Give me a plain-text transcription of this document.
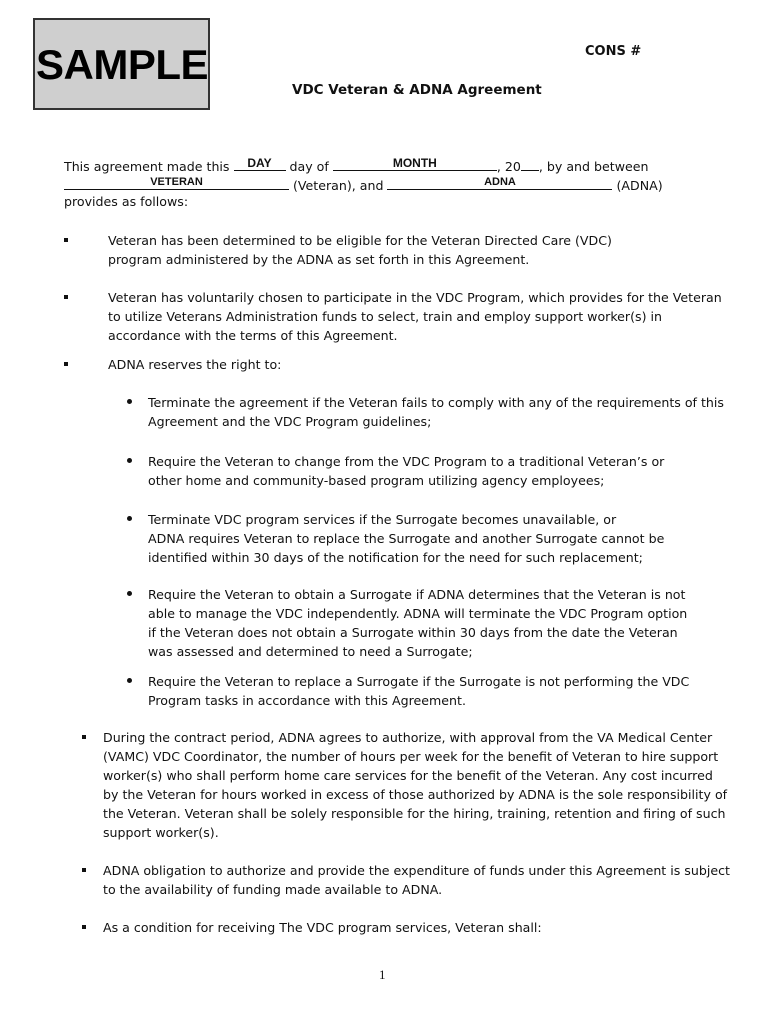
SAMPLE	CONS #
VDC Veteran & ADNA Agreement
This agreement made this	DAY	day of	MONTH	, 20 , by and between
VETERAN	(Veteran), and	ADNA	(ADNA)
provides as follows:
Veteran has been determined to be eligible for the Veteran Directed Care (VDC)
program administered by the ADNA as set forth in this Agreement.
Veteran has voluntarily chosen to participate in the VDC Program, which provides for the Veteran
to utilize Veterans Administration funds to select, train and employ support worker(s) in
accordance with the terms of this Agreement.
ADNA reserves the right to:
Terminate the agreement if the Veteran fails to comply with any of the requirements of this
Agreement and the VDC Program guidelines;
Require the Veteran to change from the VDC Program to a traditional Veteran’s or
other home and community-based program utilizing agency employees;
Terminate VDC program services if the Surrogate becomes unavailable, or
ADNA requires Veteran to replace the Surrogate and another Surrogate cannot be
identified within 30 days of the notification for the need for such replacement;
Require the Veteran to obtain a Surrogate if ADNA determines that the Veteran is not
able to manage the VDC independently. ADNA will terminate the VDC Program option
if the Veteran does not obtain a Surrogate within 30 days from the date the Veteran
was assessed and determined to need a Surrogate;
Require the Veteran to replace a Surrogate if the Surrogate is not performing the VDC
Program tasks in accordance with this Agreement.
During the contract period, ADNA agrees to authorize, with approval from the VA Medical Center
(VAMC) VDC Coordinator, the number of hours per week for the benefit of Veteran to hire support
worker(s) who shall perform home care services for the benefit of the Veteran. Any cost incurred
by the Veteran for hours worked in excess of those authorized by ADNA is the sole responsibility of
the Veteran. Veteran shall be solely responsible for the hiring, training, retention and firing of such
support worker(s).
ADNA obligation to authorize and provide the expenditure of funds under this Agreement is subject
to the availability of funding made available to ADNA.
As a condition for receiving The VDC program services, Veteran shall:
1
